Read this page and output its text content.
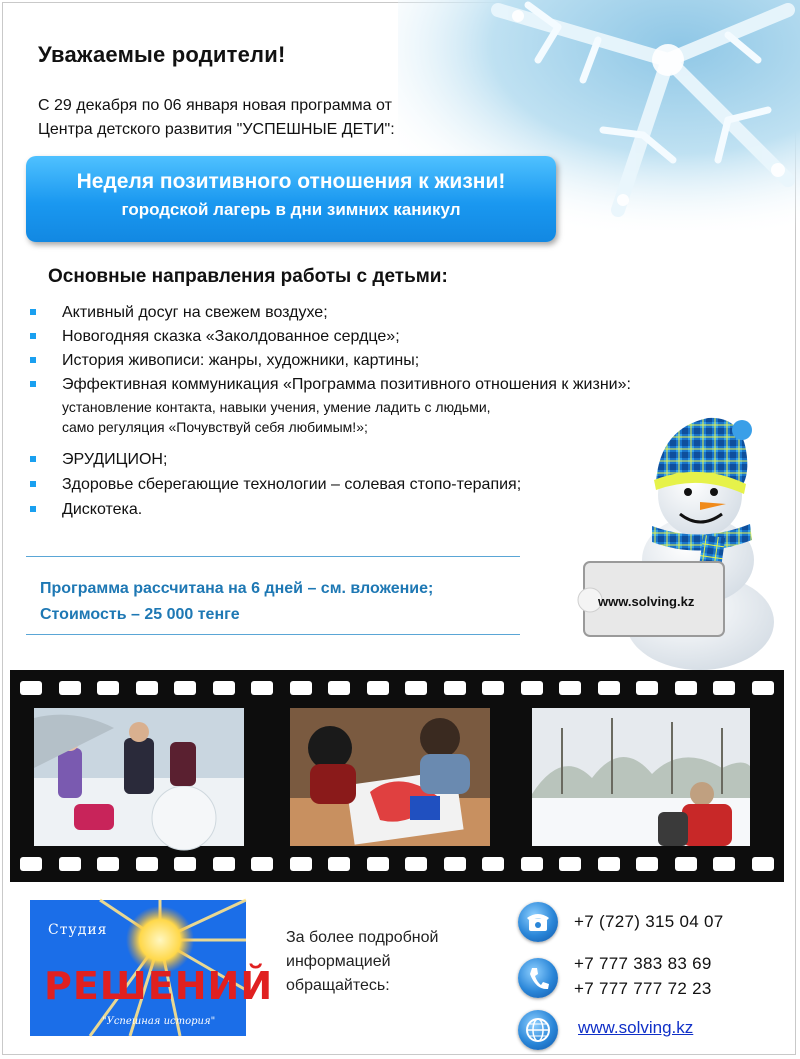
Уважаемые родители!
С 29 декабря по 06 января новая программа от
Центра детского развития "УСПЕШНЫЕ ДЕТИ":
Неделя позитивного отношения к жизни!
городской лагерь в дни зимних каникул
Основные направления работы с детьми:
Активный досуг на свежем воздухе;
Новогодняя сказка «Заколдованное сердце»;
История живописи: жанры, художники, картины;
Эффективная коммуникация «Программа позитивного отношения к жизни»:
установление контакта, навыки учения, умение ладить с людьми,
само регуляция «Почувствуй себя любимым!»;
ЭРУДИЦИОН;
Здоровье сберегающие технологии – солевая стопо-терапия;
Дискотека.
Программа рассчитана на 6 дней – см. вложение;
Стоимость – 25 000 тенге
www.solving.kz
Студия
РЕШЕНИЙ
"Успешная история"
За более подробной
информацией
обращайтесь:
+7 (727) 315 04 07
+7 777 383 83 69
+7 777 777 72 23
www.solving.kz
